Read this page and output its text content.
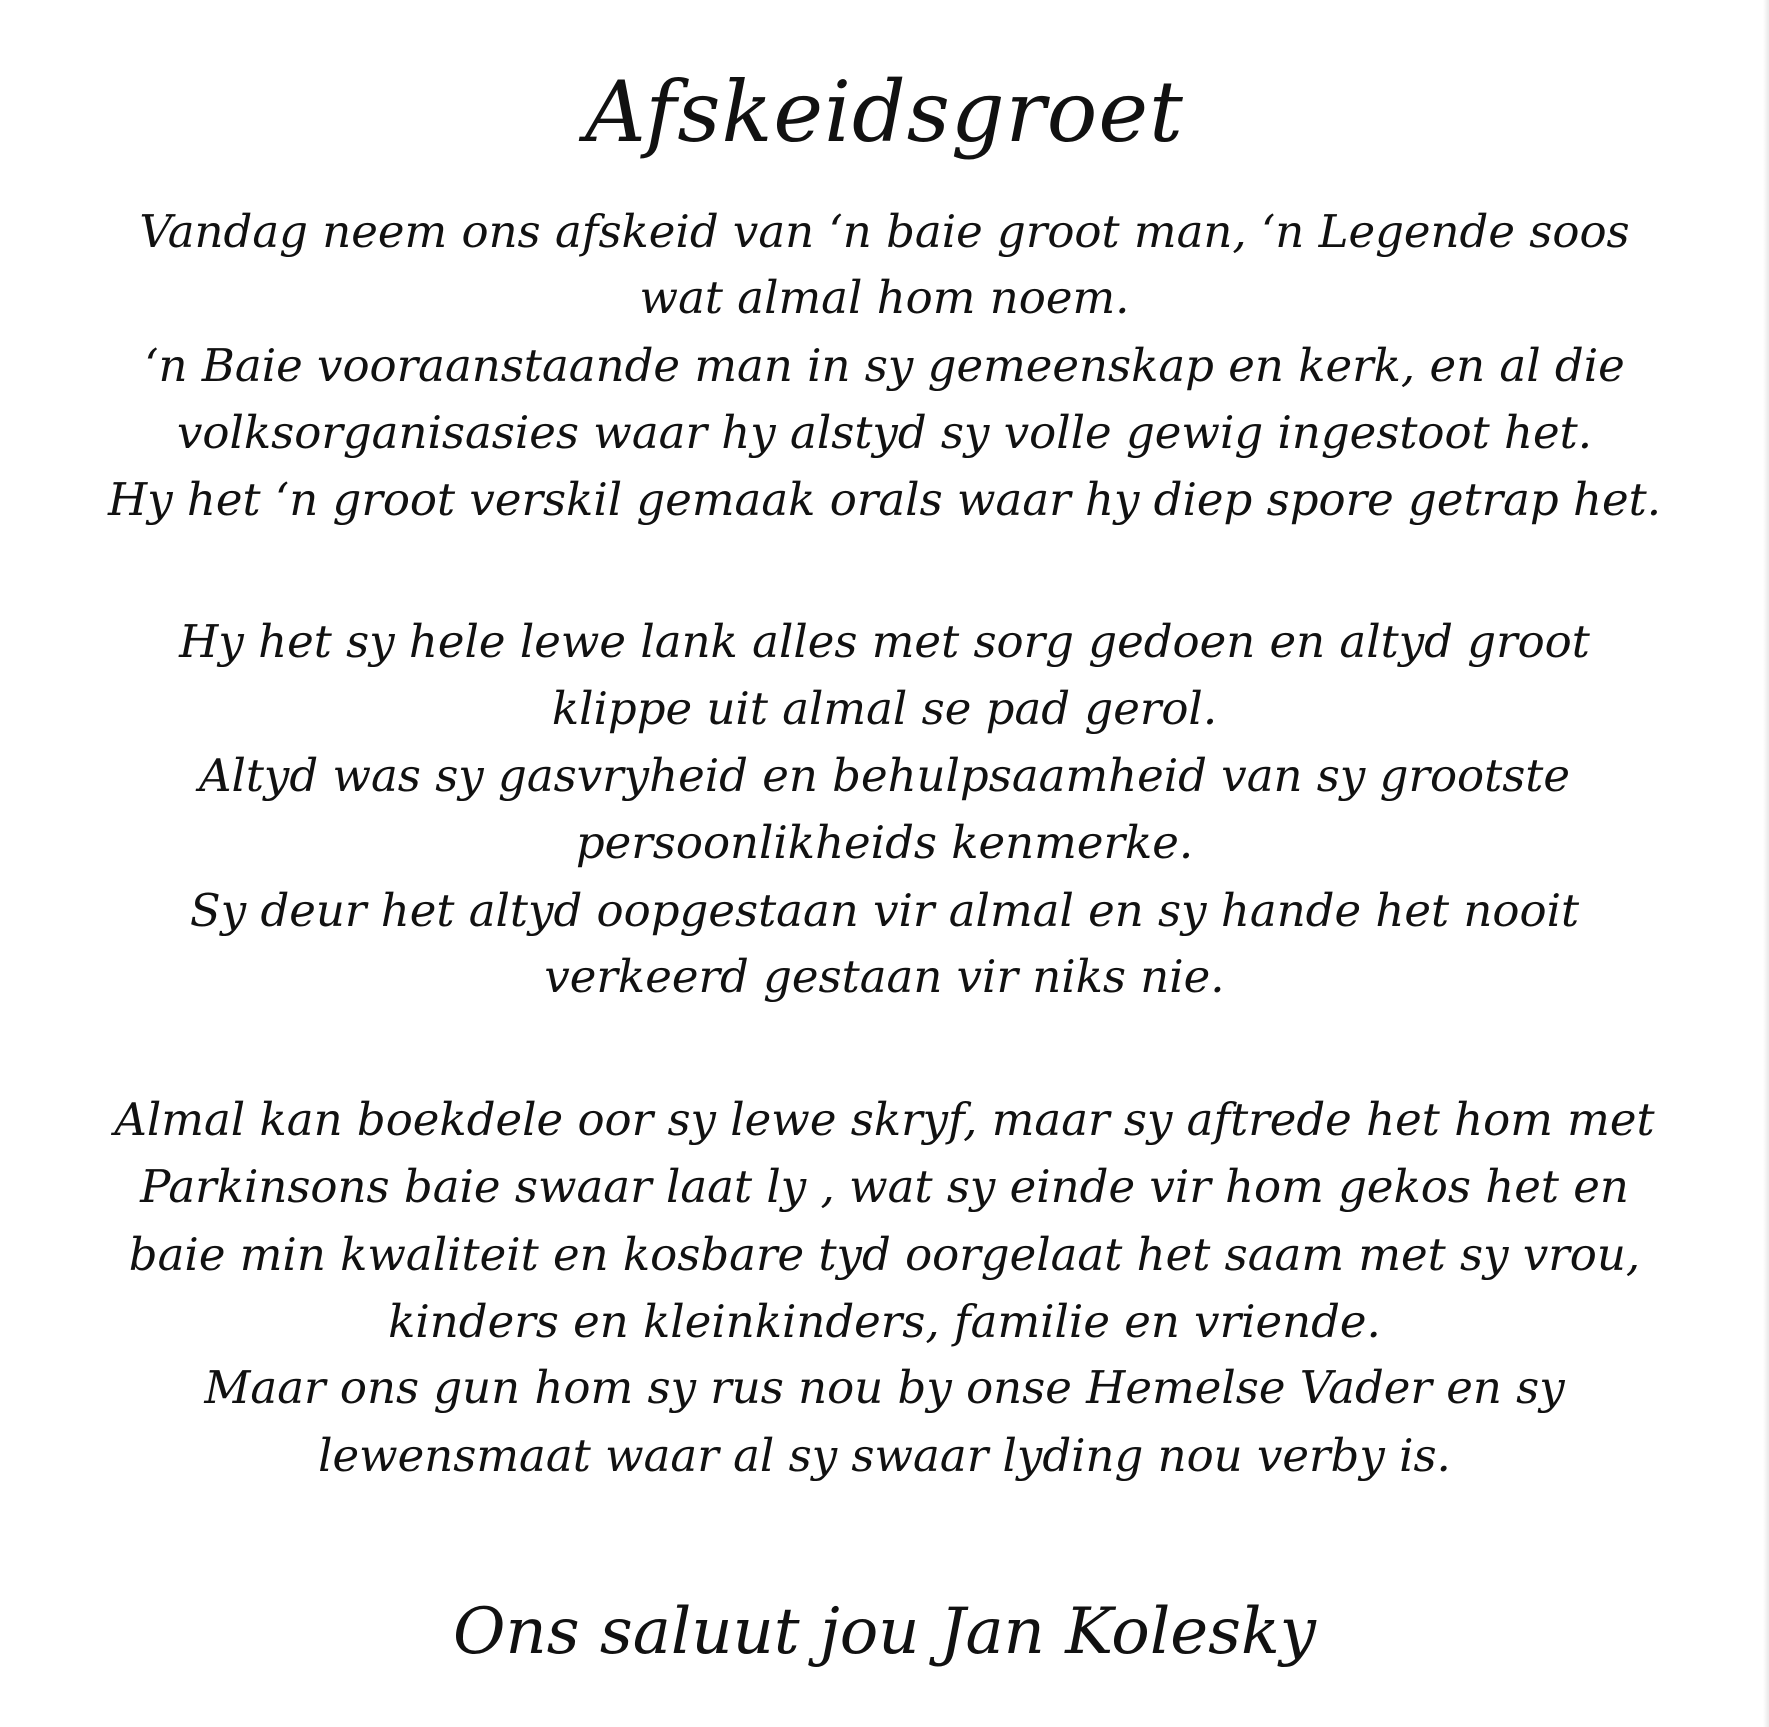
Afskeidsgroet
Vandag neem ons afskeid van ‘n baie groot man, ‘n Legende soos
wat almal hom noem.
‘n Baie vooraanstaande man in sy gemeenskap en kerk, en al die
volksorganisasies waar hy alstyd sy volle gewig ingestoot het.
Hy het ‘n groot verskil gemaak orals waar hy diep spore getrap het.
Hy het sy hele lewe lank alles met sorg gedoen en altyd groot
klippe uit almal se pad gerol.
Altyd was sy gasvryheid en behulpsaamheid van sy grootste
persoonlikheids kenmerke.
Sy deur het altyd oopgestaan vir almal en sy hande het nooit
verkeerd gestaan vir niks nie.
Almal kan boekdele oor sy lewe skryf, maar sy aftrede het hom met
Parkinsons baie swaar laat ly , wat sy einde vir hom gekos het en
baie min kwaliteit en kosbare tyd oorgelaat het saam met sy vrou,
kinders en kleinkinders, familie en vriende.
Maar ons gun hom sy rus nou by onse Hemelse Vader en sy
lewensmaat waar al sy swaar lyding nou verby is.
Ons saluut jou Jan Kolesky
